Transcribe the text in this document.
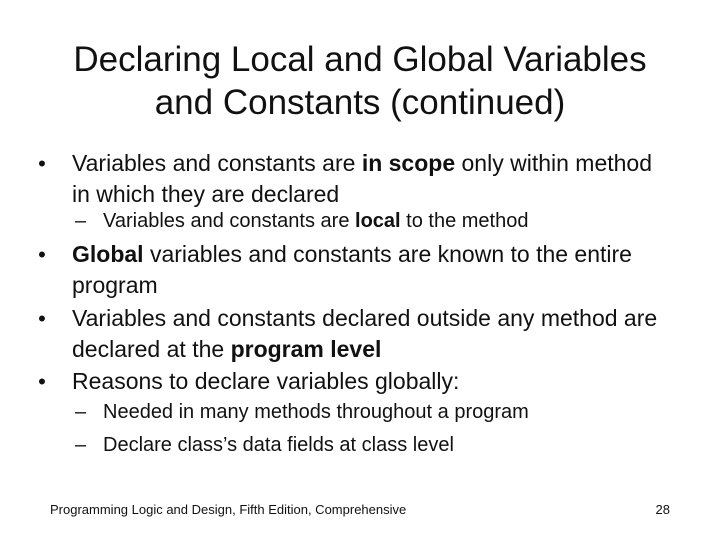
Declaring Local and Global Variables
and Constants (continued)
• Variables and constants are in scope only within method in which they are declared
– Variables and constants are local to the method
• Global variables and constants are known to the entire program
• Variables and constants declared outside any method are declared at the program level
• Reasons to declare variables globally:
– Needed in many methods throughout a program
– Declare class’s data fields at class level
Programming Logic and Design, Fifth Edition, Comprehensive	28
